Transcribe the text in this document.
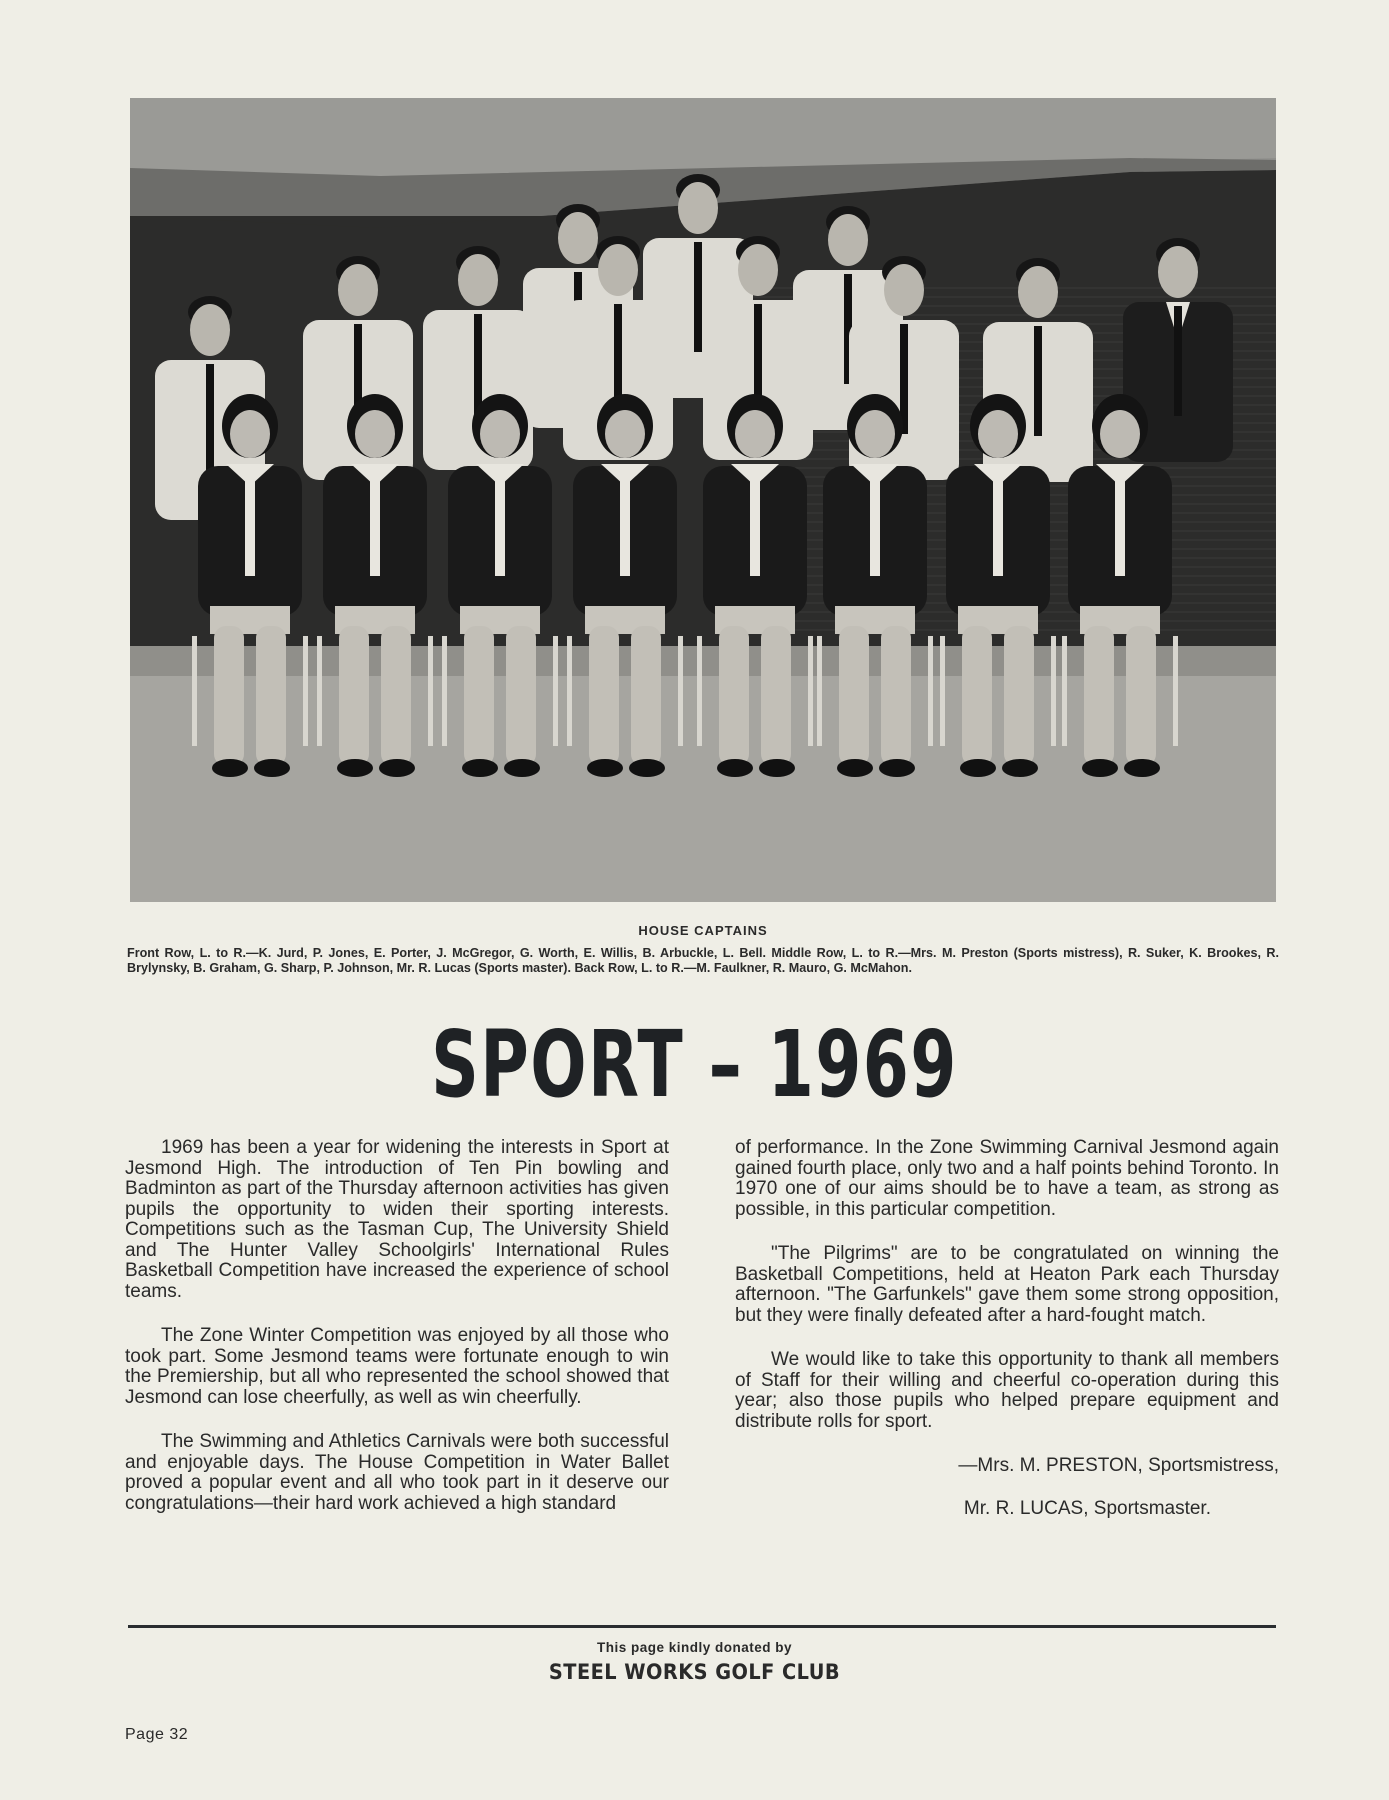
HOUSE CAPTAINS
Front Row, L. to R.—K. Jurd, P. Jones, E. Porter, J. McGregor, G. Worth, E. Willis, B. Arbuckle, L. Bell. Middle Row, L. to R.—Mrs. M. Preston (Sports mistress), R. Suker, K. Brookes, R. Brylynsky, B. Graham, G. Sharp, P. Johnson, Mr. R. Lucas (Sports master). Back Row, L. to R.—M. Faulkner, R. Mauro, G. McMahon.
SPORT – 1969

1969 has been a year for widening the interests in Sport at Jesmond High. The introduction of Ten Pin bowling and Badminton as part of the Thursday afternoon activities has given pupils the opportunity to widen their sporting interests. Competitions such as the Tasman Cup, The University Shield and The Hunter Valley Schoolgirls' International Rules Basketball Competition have increased the experience of school teams.

The Zone Winter Competition was enjoyed by all those who took part. Some Jesmond teams were fortunate enough to win the Premiership, but all who represented the school showed that Jesmond can lose cheerfully, as well as win cheerfully.

The Swimming and Athletics Carnivals were both successful and enjoyable days. The House Competition in Water Ballet proved a popular event and all who took part in it deserve our congratulations—their hard work achieved a high standard

of performance. In the Zone Swimming Carnival Jesmond again gained fourth place, only two and a half points behind Toronto. In 1970 one of our aims should be to have a team, as strong as possible, in this particular competition.

"The Pilgrims" are to be congratulated on winning the Basketball Competitions, held at Heaton Park each Thursday afternoon. "The Garfunkels" gave them some strong opposition, but they were finally defeated after a hard-fought match.

We would like to take this opportunity to thank all members of Staff for their willing and cheerful co-operation during this year; also those pupils who helped prepare equipment and distribute rolls for sport.

—Mrs. M. PRESTON, Sportsmistress,
Mr. R. LUCAS, Sportsmaster.
This page kindly donated by
STEEL WORKS GOLF CLUB
Page 32
